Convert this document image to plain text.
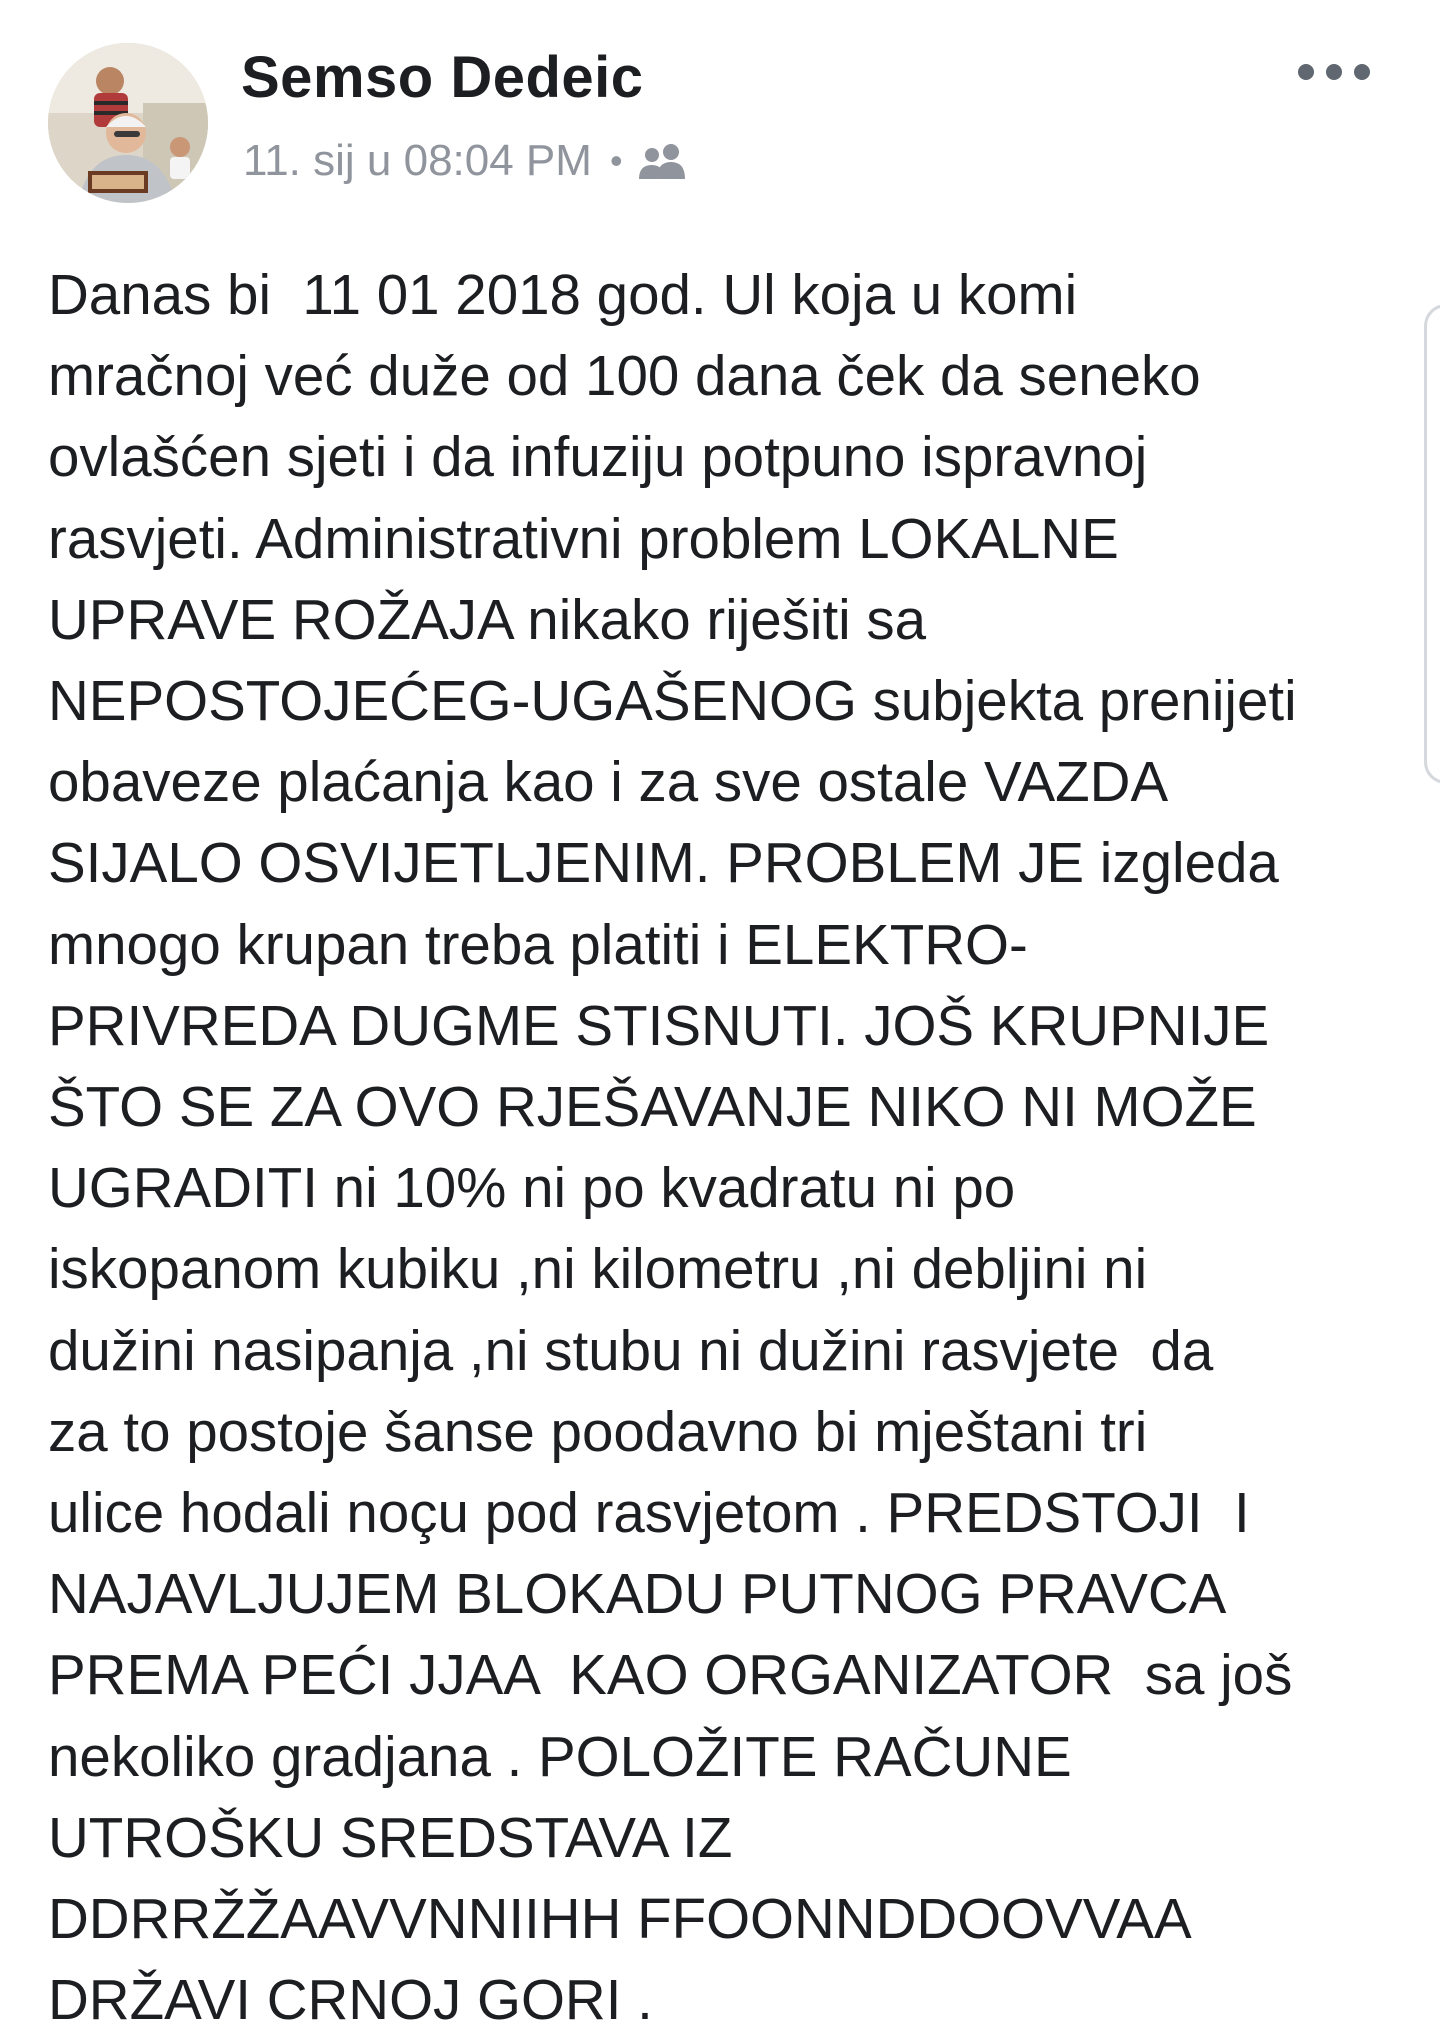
Semso Dedeic
11. sij u 08:04 PM •
Danas bi  11 01 2018 god. Ul koja u komi
mračnoj već duže od 100 dana ček da seneko
ovlašćen sjeti i da infuziju potpuno ispravnoj
rasvjeti. Administrativni problem LOKALNE
UPRAVE ROŽAJA nikako riješiti sa
NEPOSTOJEĆEG-UGAŠENOG subjekta prenijeti
obaveze plaćanja kao i za sve ostale VAZDA
SIJALO OSVIJETLJENIM. PROBLEM JE izgleda
mnogo krupan treba platiti i ELEKTRO-
PRIVREDA DUGME STISNUTI. JOŠ KRUPNIJE
ŠTO SE ZA OVO RJEŠAVANJE NIKO NI MOŽE
UGRADITI ni 10% ni po kvadratu ni po
iskopanom kubiku ,ni kilometru ,ni debljini ni
dužini nasipanja ,ni stubu ni dužini rasvjete  da
za to postoje šanse poodavno bi mještani tri
ulice hodali noçu pod rasvjetom . PREDSTOJI  I
NAJAVLJUJEM BLOKADU PUTNOG PRAVCA
PREMA PEĆI JJAA  KAO ORGANIZATOR  sa još
nekoliko gradjana . POLOŽITE RAČUNE
UTROŠKU SREDSTAVA IZ
DDRRŽŽAAVVNNIIHH FFOONNDDOOVVAA
DRŽAVI CRNOJ GORI .
